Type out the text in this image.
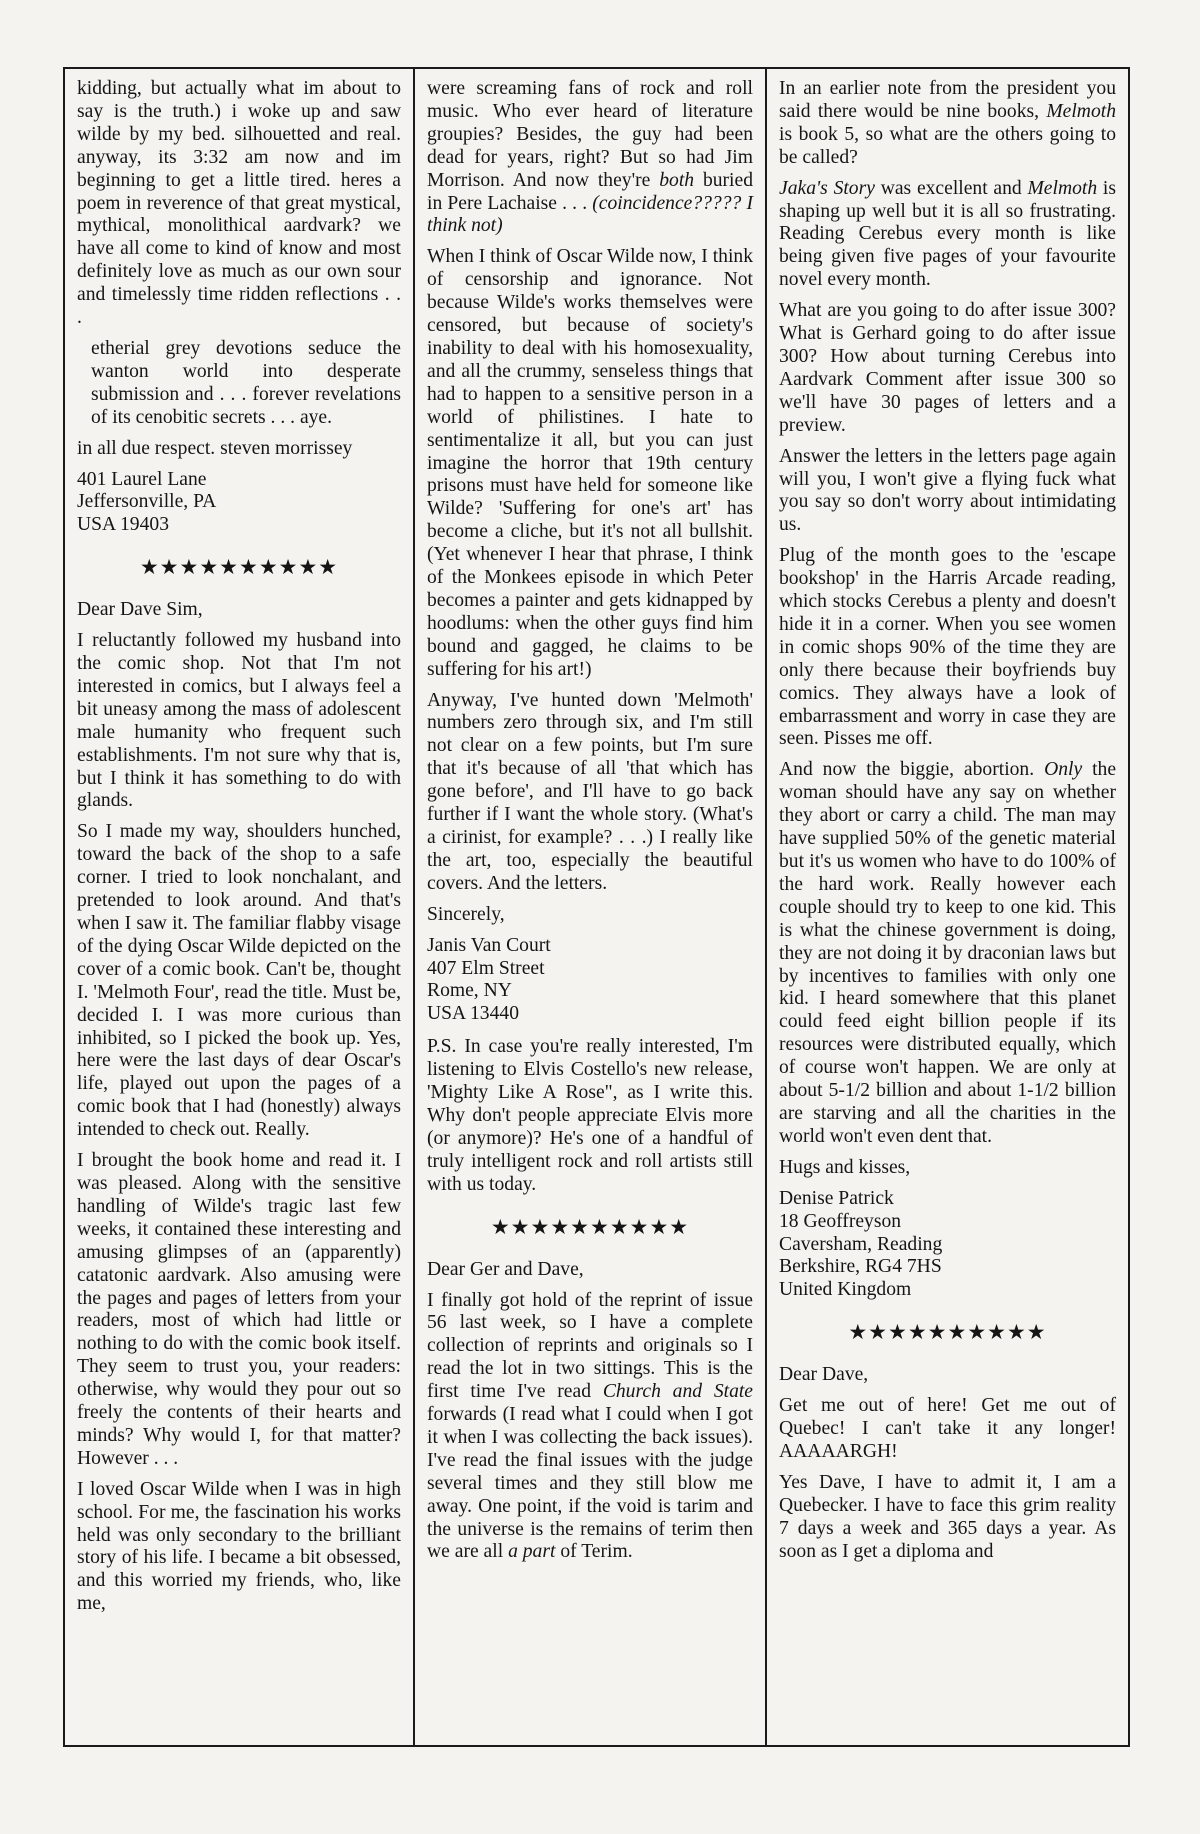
kidding, but actually what im about to say is the truth.) i woke up and saw wilde by my bed. silhouetted and real. anyway, its 3:32 am now and im beginning to get a little tired. heres a poem in reverence of that great mystical, mythical, monolithical aardvark? we have all come to kind of know and most definitely love as much as our own sour and timelessly time ridden reflections . . .

etherial grey devotions seduce the wanton world into desperate submission and . . . forever revelations of its cenobitic secrets . . . aye.

in all due respect. steven morrissey

401 Laurel Lane
Jeffersonville, PA
USA 19403
★★★★★★★★★★

Dear Dave Sim,

I reluctantly followed my husband into the comic shop. Not that I'm not interested in comics, but I always feel a bit uneasy among the mass of adolescent male humanity who frequent such establishments. I'm not sure why that is, but I think it has something to do with glands.

So I made my way, shoulders hunched, toward the back of the shop to a safe corner. I tried to look nonchalant, and pretended to look around. And that's when I saw it. The familiar flabby visage of the dying Oscar Wilde depicted on the cover of a comic book. Can't be, thought I. 'Melmoth Four', read the title. Must be, decided I. I was more curious than inhibited, so I picked the book up. Yes, here were the last days of dear Oscar's life, played out upon the pages of a comic book that I had (honestly) always intended to check out. Really.

I brought the book home and read it. I was pleased. Along with the sensitive handling of Wilde's tragic last few weeks, it contained these interesting and amusing glimpses of an (apparently) catatonic aardvark. Also amusing were the pages and pages of letters from your readers, most of which had little or nothing to do with the comic book itself. They seem to trust you, your readers: otherwise, why would they pour out so freely the contents of their hearts and minds? Why would I, for that matter? However . . .

I loved Oscar Wilde when I was in high school. For me, the fascination his works held was only secondary to the brilliant story of his life. I became a bit obsessed, and this worried my friends, who, like me,

were screaming fans of rock and roll music. Who ever heard of literature groupies? Besides, the guy had been dead for years, right? But so had Jim Morrison. And now they're both buried in Pere Lachaise . . . (coincidence????? I think not)

When I think of Oscar Wilde now, I think of censorship and ignorance. Not because Wilde's works themselves were censored, but because of society's inability to deal with his homosexuality, and all the crummy, senseless things that had to happen to a sensitive person in a world of philistines. I hate to sentimentalize it all, but you can just imagine the horror that 19th century prisons must have held for someone like Wilde? 'Suffering for one's art' has become a cliche, but it's not all bullshit. (Yet whenever I hear that phrase, I think of the Monkees episode in which Peter becomes a painter and gets kidnapped by hoodlums: when the other guys find him bound and gagged, he claims to be suffering for his art!)

Anyway, I've hunted down 'Melmoth' numbers zero through six, and I'm still not clear on a few points, but I'm sure that it's because of all 'that which has gone before', and I'll have to go back further if I want the whole story. (What's a cirinist, for example? . . .) I really like the art, too, especially the beautiful covers. And the letters.

Sincerely,

Janis Van Court
407 Elm Street
Rome, NY
USA 13440

P.S. In case you're really interested, I'm listening to Elvis Costello's new release, 'Mighty Like A Rose", as I write this. Why don't people appreciate Elvis more (or anymore)? He's one of a handful of truly intelligent rock and roll artists still with us today.

★★★★★★★★★★

Dear Ger and Dave,

I finally got hold of the reprint of issue 56 last week, so I have a complete collection of reprints and originals so I read the lot in two sittings. This is the first time I've read Church and State forwards (I read what I could when I got it when I was collecting the back issues). I've read the final issues with the judge several times and they still blow me away. One point, if the void is tarim and the universe is the remains of terim then we are all a part of Terim.

In an earlier note from the president you said there would be nine books, Melmoth is book 5, so what are the others going to be called?

Jaka's Story was excellent and Melmoth is shaping up well but it is all so frustrating. Reading Cerebus every month is like being given five pages of your favourite novel every month.

What are you going to do after issue 300? What is Gerhard going to do after issue 300? How about turning Cerebus into Aardvark Comment after issue 300 so we'll have 30 pages of letters and a preview.

Answer the letters in the letters page again will you, I won't give a flying fuck what you say so don't worry about intimidating us.

Plug of the month goes to the 'escape bookshop' in the Harris Arcade reading, which stocks Cerebus a plenty and doesn't hide it in a corner. When you see women in comic shops 90% of the time they are only there because their boyfriends buy comics. They always have a look of embarrassment and worry in case they are seen. Pisses me off.

And now the biggie, abortion. Only the woman should have any say on whether they abort or carry a child. The man may have supplied 50% of the genetic material but it's us women who have to do 100% of the hard work. Really however each couple should try to keep to one kid. This is what the chinese government is doing, they are not doing it by draconian laws but by incentives to families with only one kid. I heard somewhere that this planet could feed eight billion people if its resources were distributed equally, which of course won't happen. We are only at about 5-1/2 billion and about 1-1/2 billion are starving and all the charities in the world won't even dent that.

Hugs and kisses,

Denise Patrick
18 Geoffreyson
Caversham, Reading
Berkshire, RG4 7HS
United Kingdom
★★★★★★★★★★

Dear Dave,

Get me out of here! Get me out of Quebec! I can't take it any longer! AAAAARGH!

Yes Dave, I have to admit it, I am a Quebecker. I have to face this grim reality 7 days a week and 365 days a year. As soon as I get a diploma and
